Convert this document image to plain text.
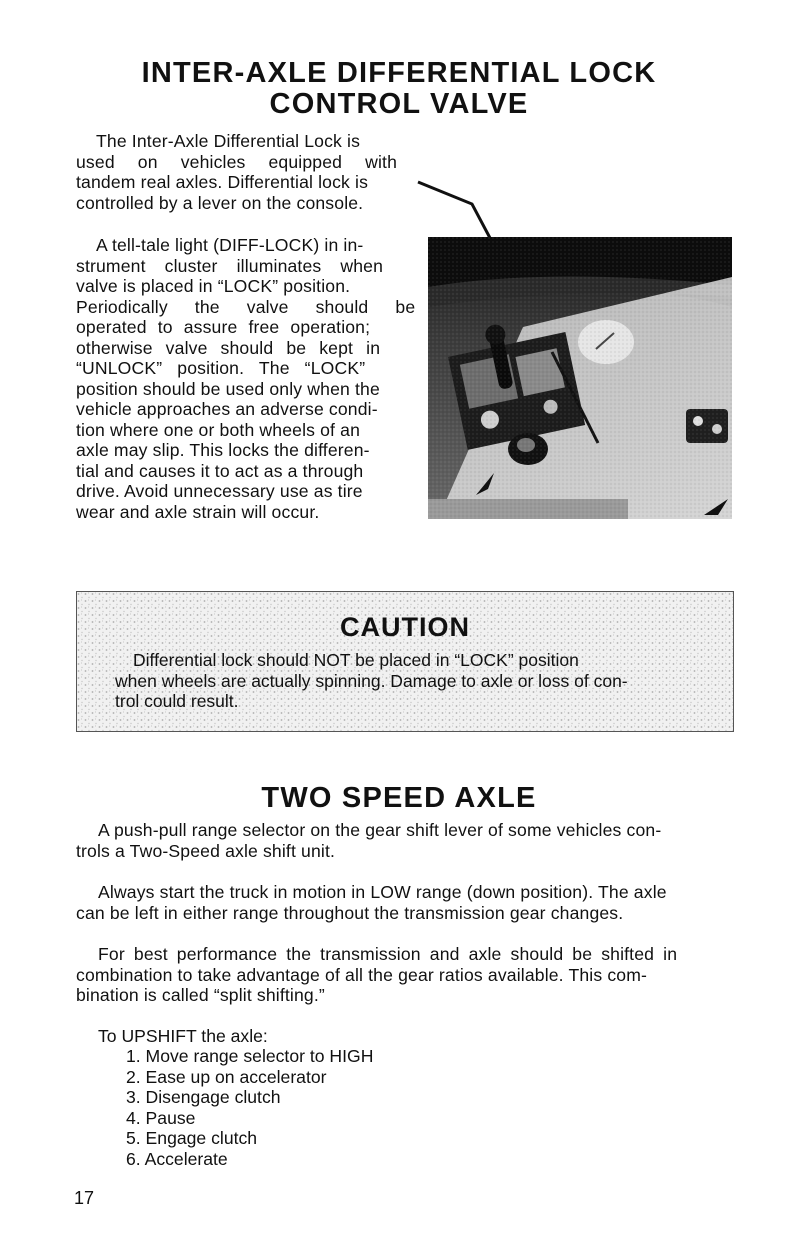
INTER-AXLE DIFFERENTIAL LOCK
CONTROL VALVE
The Inter-Axle Differential Lock is
used on vehicles equipped with
tandem real axles. Differential lock is
controlled by a lever on the console.
A tell-tale light (DIFF-LOCK) in in-
strument cluster illuminates when
valve is placed in “LOCK” position.
Periodically the valve should be
operated to assure free operation;
otherwise valve should be kept in
“UNLOCK” position. The “LOCK”
position should be used only when the
vehicle approaches an adverse condi-
tion where one or both wheels of an
axle may slip. This locks the differen-
tial and causes it to act as a through
drive. Avoid unnecessary use as tire
wear and axle strain will occur.
CAUTION
Differential lock should NOT be placed in “LOCK” position
when wheels are actually spinning. Damage to axle or loss of con-
trol could result.
TWO SPEED AXLE
A push-pull range selector on the gear shift lever of some vehicles con-
trols a Two-Speed axle shift unit.
Always start the truck in motion in LOW range (down position). The axle
can be left in either range throughout the transmission gear changes.
For best performance the transmission and axle should be shifted in
combination to take advantage of all the gear ratios available. This com-
bination is called “split shifting.”
To UPSHIFT the axle:
1. Move range selector to HIGH
2. Ease up on accelerator
3. Disengage clutch
4. Pause
5. Engage clutch
6. Accelerate
17
